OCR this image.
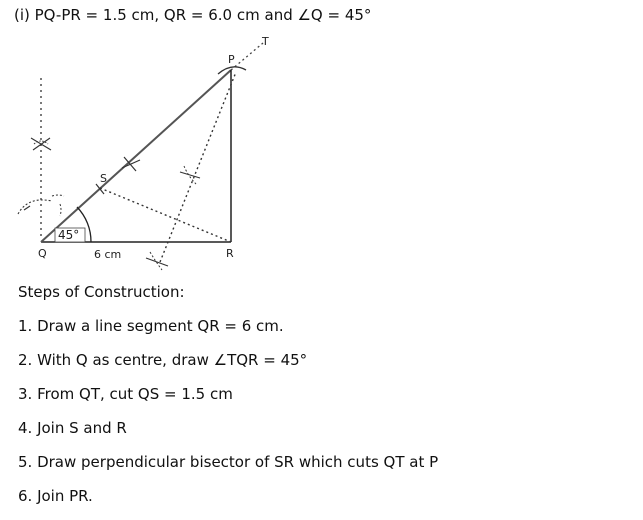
(i) PQ-PR = 1.5 cm, QR = 6.0 cm and ∠Q = 45°
T
P
S
Q	R
45°
6 cm
Steps of Construction:
1. Draw a line segment QR = 6 cm.
2. With Q as centre, draw ∠TQR = 45°
3. From QT, cut QS = 1.5 cm
4. Join S and R
5. Draw perpendicular bisector of SR which cuts QT at P
6. Join PR.
